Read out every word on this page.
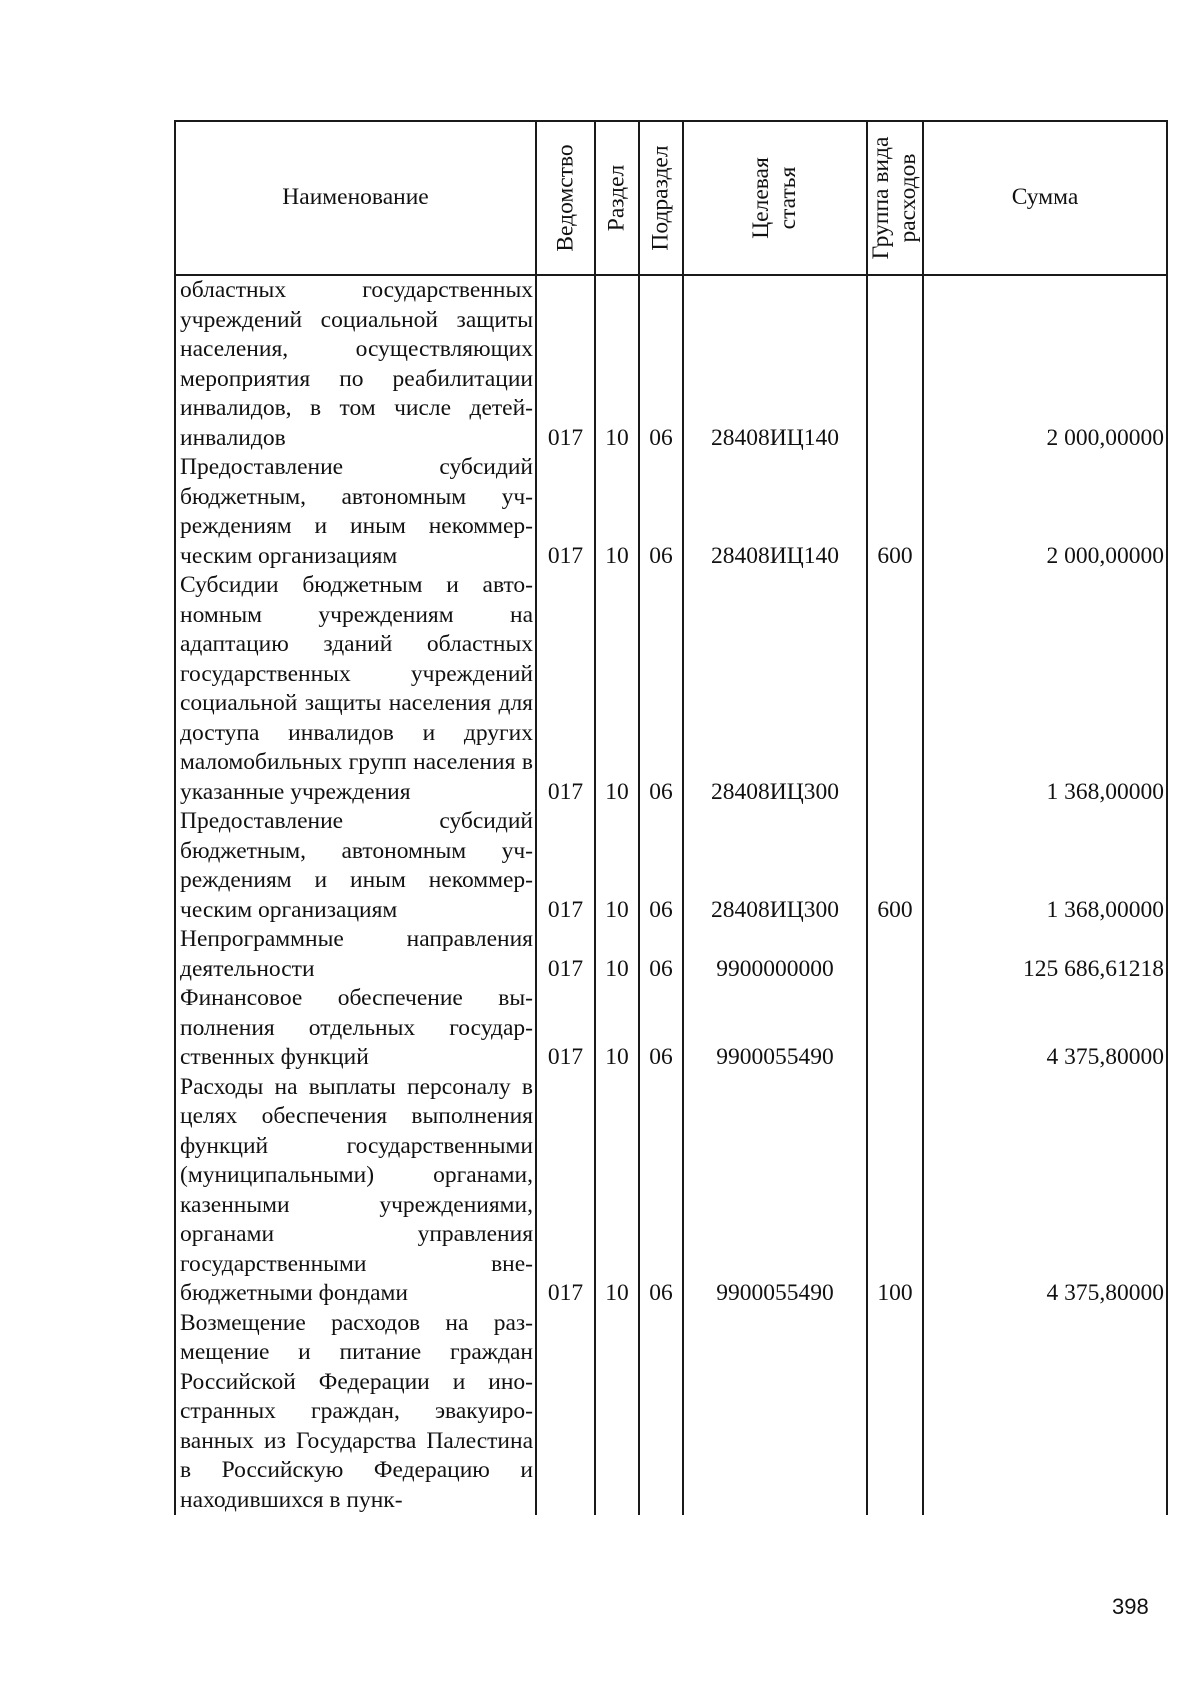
Наименование	Ведомство	Раздел	Подраздел	Целевая статья	Группа вида расходов	Сумма
областных государственных учреждений социальной защиты населения, осуществляющих мероприятия по реабилитации инвалидов, в том числе детей-инвалидов	017	10	06	28408ИЦ140		2 000,00000
Предоставление субсидий бюджетным, автономным учреждениям и иным некоммерческим организациям	017	10	06	28408ИЦ140	600	2 000,00000
Субсидии бюджетным и автономным учреждениям на адаптацию зданий областных государственных учреждений социальной защиты населения для доступа инвалидов и других маломобильных групп населения в указанные учреждения	017	10	06	28408ИЦ300		1 368,00000
Предоставление субсидий бюджетным, автономным учреждениям и иным некоммерческим организациям	017	10	06	28408ИЦ300	600	1 368,00000
Непрограммные направления деятельности	017	10	06	9900000000		125 686,61218
Финансовое обеспечение выполнения отдельных государственных функций	017	10	06	9900055490		4 375,80000
Расходы на выплаты персоналу в целях обеспечения выполнения функций государственными (муниципальными) органами, казенными учреждениями, органами управления государственными внебюджетными фондами	017	10	06	9900055490	100	4 375,80000
Возмещение расходов на размещение и питание граждан Российской Федерации и иностранных граждан, эвакуированных из Государства Палестина в Российскую Федерацию и находившихся в пунк-						
398
